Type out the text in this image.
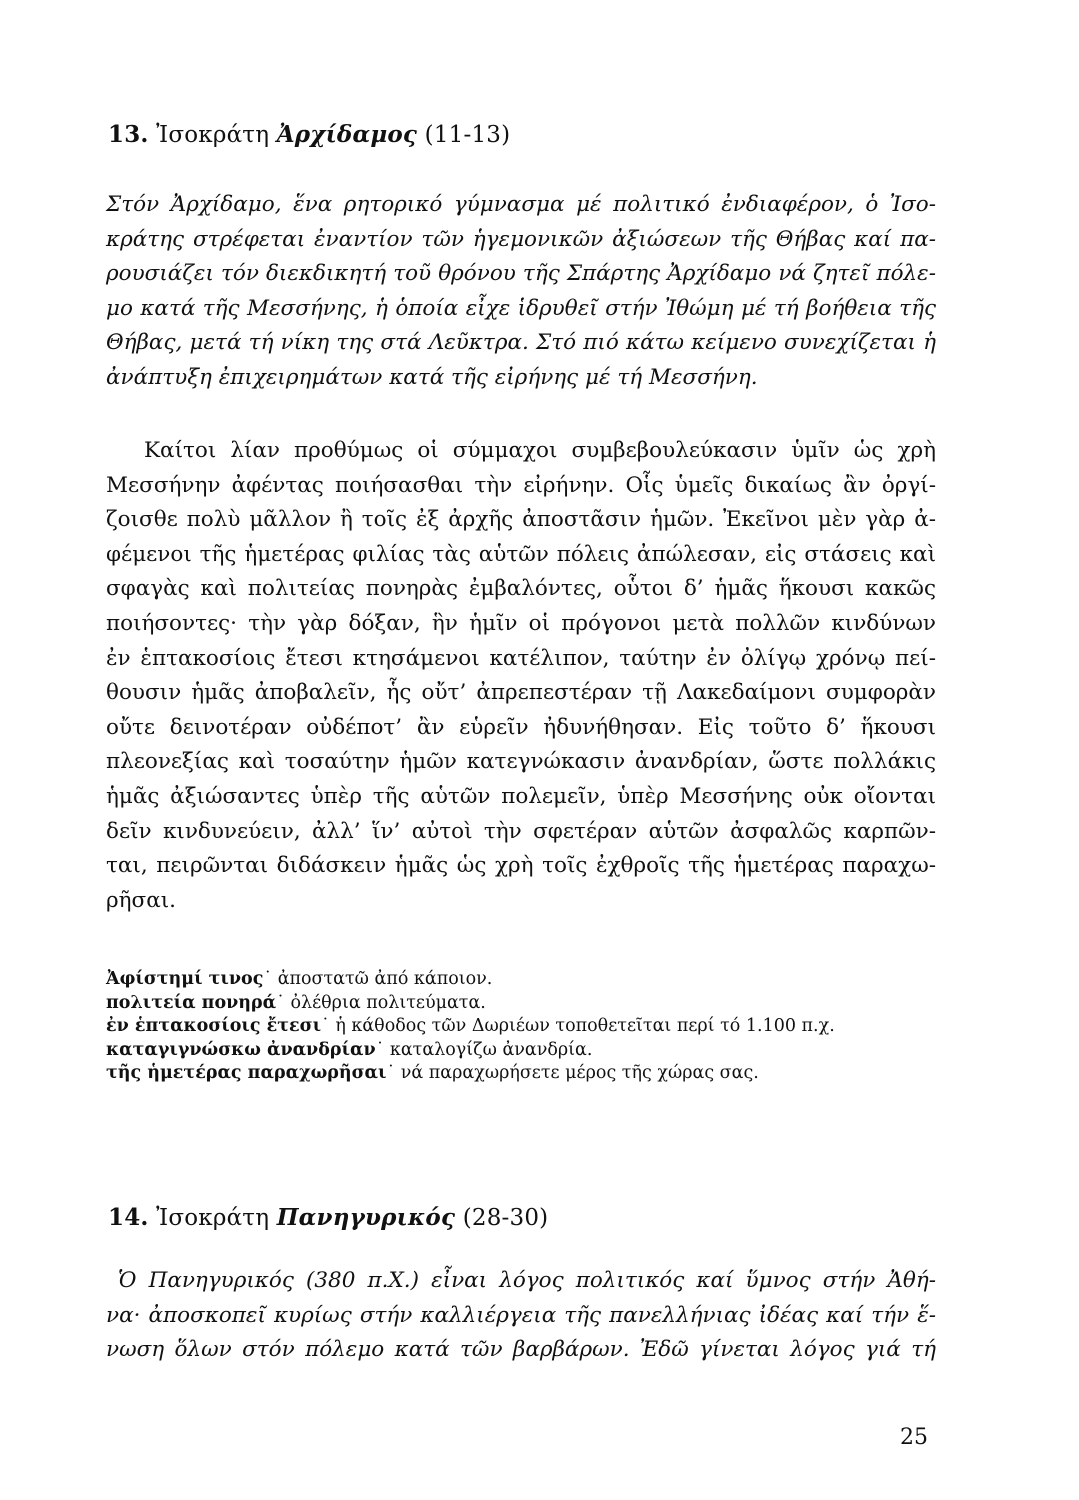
13. Ἰσοκράτη Ἀρχίδαμος (11-13)
Στόν Ἀρχίδαμο, ἕνα ρητορικό γύμνασμα μέ πολιτικό ἐνδιαφέρον, ὁ Ἰσο-
κράτης στρέφεται ἐναντίον τῶν ἡγεμονικῶν ἀξιώσεων τῆς Θήβας καί πα-
ρουσιάζει τόν διεκδικητή τοῦ θρόνου τῆς Σπάρτης Ἀρχίδαμο νά ζητεῖ πόλε-
μο κατά τῆς Μεσσήνης, ἡ ὁποία εἶχε ἱδρυθεῖ στήν Ἰθώμη μέ τή βοήθεια τῆς
Θήβας, μετά τή νίκη της στά Λεῦκτρα. Στό πιό κάτω κείμενο συνεχίζεται ἡ
ἀνάπτυξη ἐπιχειρημάτων κατά τῆς εἰρήνης μέ τή Μεσσήνη.
Καίτοι λίαν προθύμως οἱ σύμμαχοι συμβεβουλεύκασιν ὑμῖν ὡς χρὴ
Μεσσήνην ἀφέντας ποιήσασθαι τὴν εἰρήνην. Οἷς ὑμεῖς δικαίως ἂν ὀργί-
ζοισθε πολὺ μᾶλλον ἢ τοῖς ἐξ ἀρχῆς ἀποστᾶσιν ἡμῶν. Ἐκεῖνοι μὲν γὰρ ἀ-
φέμενοι τῆς ἡμετέρας φιλίας τὰς αὑτῶν πόλεις ἀπώλεσαν, εἰς στάσεις καὶ
σφαγὰς καὶ πολιτείας πονηρὰς ἐμβαλόντες, οὗτοι δ’ ἡμᾶς ἥκουσι κακῶς
ποιήσοντες· τὴν γὰρ δόξαν, ἣν ἡμῖν οἱ πρόγονοι μετὰ πολλῶν κινδύνων
ἐν ἑπτακοσίοις ἔτεσι κτησάμενοι κατέλιπον, ταύτην ἐν ὀλίγῳ χρόνῳ πεί-
θουσιν ἡμᾶς ἀποβαλεῖν, ἧς οὔτ’ ἀπρεπεστέραν τῇ Λακεδαίμονι συμφορὰν
οὔτε δεινοτέραν οὐδέποτ’ ἂν εὑρεῖν ἠδυνήθησαν. Εἰς τοῦτο δ’ ἥκουσι
πλεονεξίας καὶ τοσαύτην ἡμῶν κατεγνώκασιν ἀνανδρίαν, ὥστε πολλάκις
ἡμᾶς ἀξιώσαντες ὑπὲρ τῆς αὑτῶν πολεμεῖν, ὑπὲρ Μεσσήνης οὐκ οἴονται
δεῖν κινδυνεύειν, ἀλλ’ ἵν’ αὐτοὶ τὴν σφετέραν αὑτῶν ἀσφαλῶς καρπῶν-
ται, πειρῶνται διδάσκειν ἡμᾶς ὡς χρὴ τοῖς ἐχθροῖς τῆς ἡμετέρας παραχω-
ρῆσαι.
Ἀφίστημί τινος˙ ἀποστατῶ ἀπό κάποιον.
πολιτεία πονηρά˙ ὀλέθρια πολιτεύματα.
ἐν ἑπτακοσίοις ἔτεσι˙ ἡ κάθοδος τῶν Δωριέων τοποθετεῖται περί τό 1.100 π.χ.
καταγιγνώσκω ἀνανδρίαν˙ καταλογίζω ἀνανδρία.
τῆς ἡμετέρας παραχωρῆσαι˙ νά παραχωρήσετε μέρος τῆς χώρας σας.
14. Ἰσοκράτη Πανηγυρικός (28-30)
Ὁ Πανηγυρικός (380 π.Χ.) εἶναι λόγος πολιτικός καί ὕμνος στήν Ἀθή-
να· ἀποσκοπεῖ κυρίως στήν καλλιέργεια τῆς πανελλήνιας ἰδέας καί τήν ἕ-
νωση ὅλων στόν πόλεμο κατά τῶν βαρβάρων. Ἐδῶ γίνεται λόγος γιά τή
25
